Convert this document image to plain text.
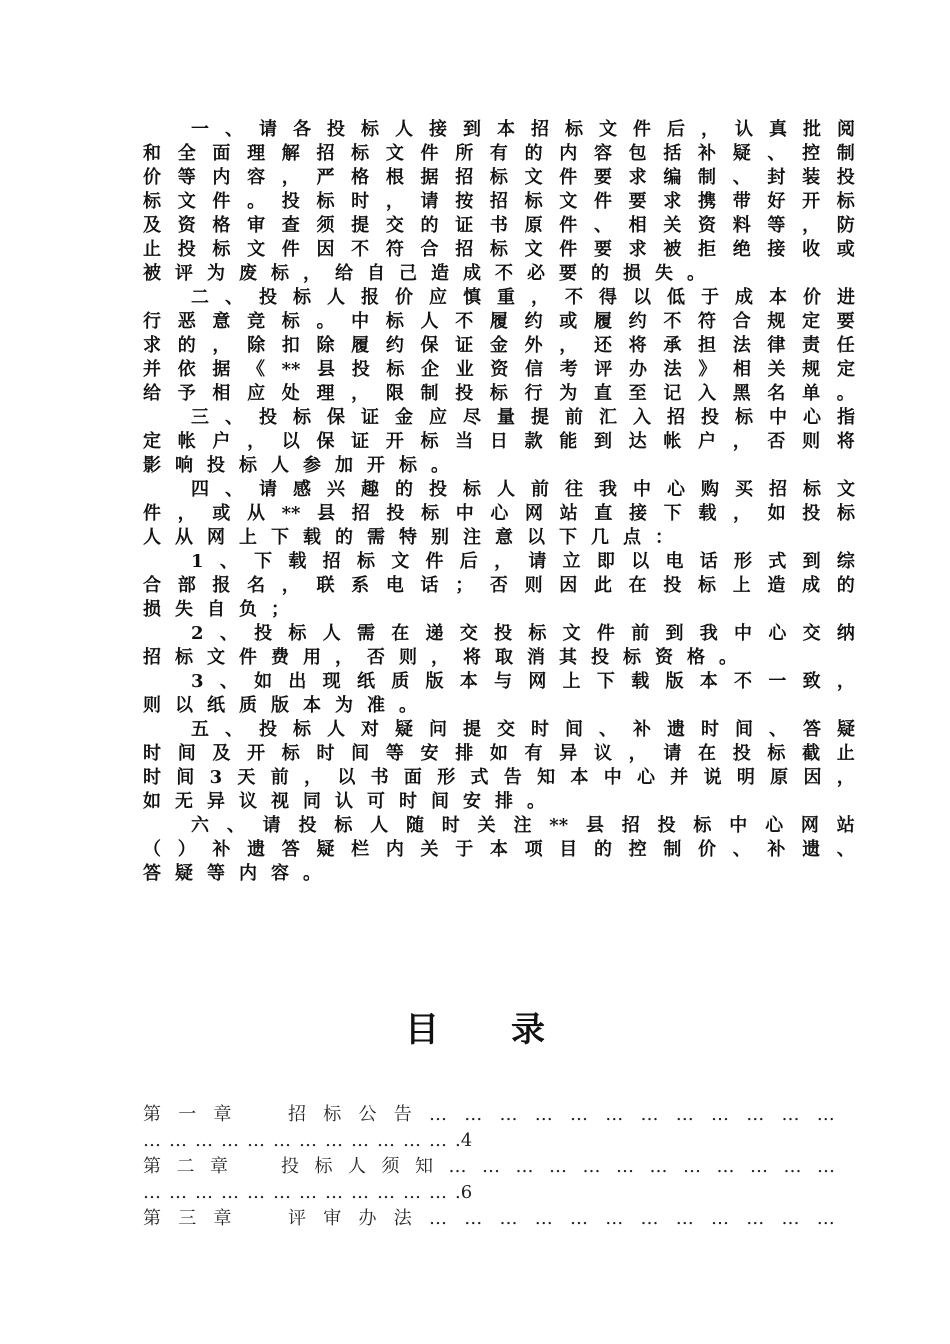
一 、 请 各 投 标 人 接 到 本 招 标 文 件 后 ， 认 真 批 阅
和 全 面 理 解 招 标 文 件 所 有 的 内 容 包 括 补 疑 、 控 制
价 等 内 容 ， 严 格 根 据 招 标 文 件 要 求 编 制 、 封 装 投
标 文 件 。 投 标 时 ， 请 按 招 标 文 件 要 求 携 带 好 开 标
及 资 格 审 查 须 提 交 的 证 书 原 件 、 相 关 资 料 等 ， 防
止 投 标 文 件 因 不 符 合 招 标 文 件 要 求 被 拒 绝 接 收 或
被 评 为 废 标 ， 给 自 己 造 成 不 必 要 的 损 失 。
二 、 投 标 人 报 价 应 慎 重 ， 不 得 以 低 于 成 本 价 进
行 恶 意 竞 标 。 中 标 人 不 履 约 或 履 约 不 符 合 规 定 要
求 的 ， 除 扣 除 履 约 保 证 金 外 ， 还 将 承 担 法 律 责 任
并 依 据 《 ** 县 投 标 企 业 资 信 考 评 办 法 》 相 关 规 定
给 予 相 应 处 理 ， 限 制 投 标 行 为 直 至 记 入 黑 名 单 。
三 、 投 标 保 证 金 应 尽 量 提 前 汇 入 招 投 标 中 心 指
定 帐 户 ， 以 保 证 开 标 当 日 款 能 到 达 帐 户 ， 否 则 将
影 响 投 标 人 参 加 开 标 。
四 、 请 感 兴 趣 的 投 标 人 前 往 我 中 心 购 买 招 标 文
件 ， 或 从 ** 县 招 投 标 中 心 网 站 直 接 下 载 ， 如 投 标
人 从 网 上 下 载 的 需 特 别 注 意 以 下 几 点 ：
1 、 下 载 招 标 文 件 后 ， 请 立 即 以 电 话 形 式 到 综
合 部 报 名 ， 联 系 电 话 ； 否 则 因 此 在 投 标 上 造 成 的
损 失 自 负 ；
2 、 投 标 人 需 在 递 交 投 标 文 件 前 到 我 中 心 交 纳
招 标 文 件 费 用 ， 否 则 ， 将 取 消 其 投 标 资 格 。
3 、 如 出 现 纸 质 版 本 与 网 上 下 载 版 本 不 一 致 ，
则 以 纸 质 版 本 为 准 。
五 、 投 标 人 对 疑 问 提 交 时 间 、 补 遗 时 间 、 答 疑
时 间 及 开 标 时 间 等 安 排 如 有 异 议 ， 请 在 投 标 截 止
时 间 3 天 前 ， 以 书 面 形 式 告 知 本 中 心 并 说 明 原 因 ，
如 无 异 议 视 同 认 可 时 间 安 排 。
六 、 请 投 标 人 随 时 关 注 ** 县 招 投 标 中 心 网 站
（ ） 补 遗 答 疑 栏 内 关 于 本 项 目 的 控 制 价 、 补 遗 、
答 疑 等 内 容 。
目录
第 一 章	招 标 公 告 … … … … … … … … … … … …
… … … … … … … … … … … … .4
第 二 章	投 标 人 须 知 … … … … … … … … … … … …
… … … … … … … … … … … … .6
第 三 章	评 审 办 法 … … … … … … … … … … … …
